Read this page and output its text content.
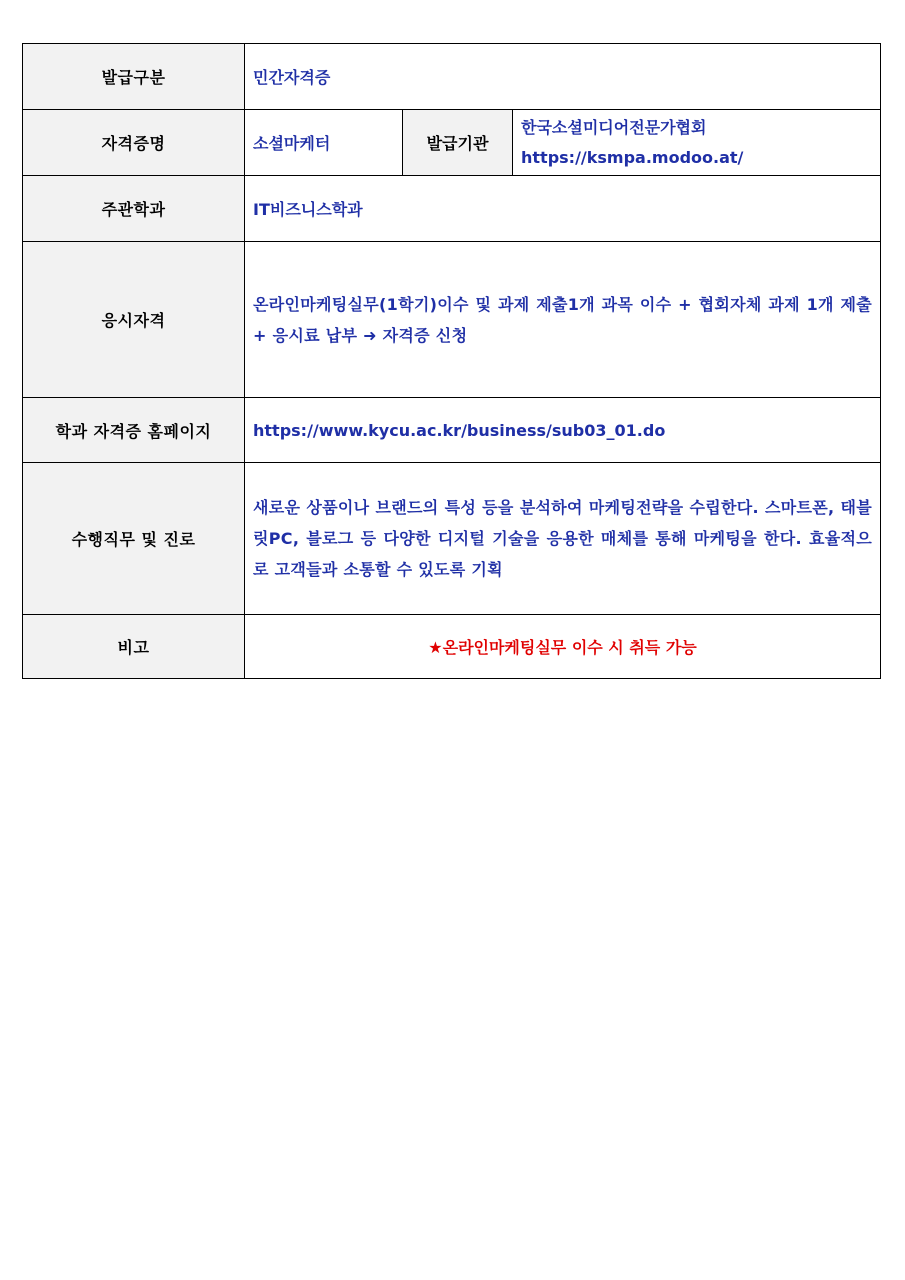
발급구분	민간자격증		
자격증명	소셜마케터	발급기관	한국소셜미디어전문가협회
https://ksmpa.modoo.at/

주관학과	IT비즈니스학과		
응시자격	온라인마케팅실무(1학기)이수 및 과제 제출1개 과목 이수 + 협회자체 과제 1개 제출 + 응시료 납부 ➜ 자격증 신청		
학과 자격증 홈페이지	https://www.kycu.ac.kr/business/sub03_01.do		
수행직무 및 진로	새로운 상품이나 브랜드의 특성 등을 분석하여 마케팅전략을 수립한다. 스마트폰, 태블릿PC, 블로그 등 다양한 디지털 기술을 응용한 매체를 통해 마케팅을 한다. 효율적으로 고객들과 소통할 수 있도록 기획		
비고	★온라인마케팅실무 이수 시 취득 가능		
